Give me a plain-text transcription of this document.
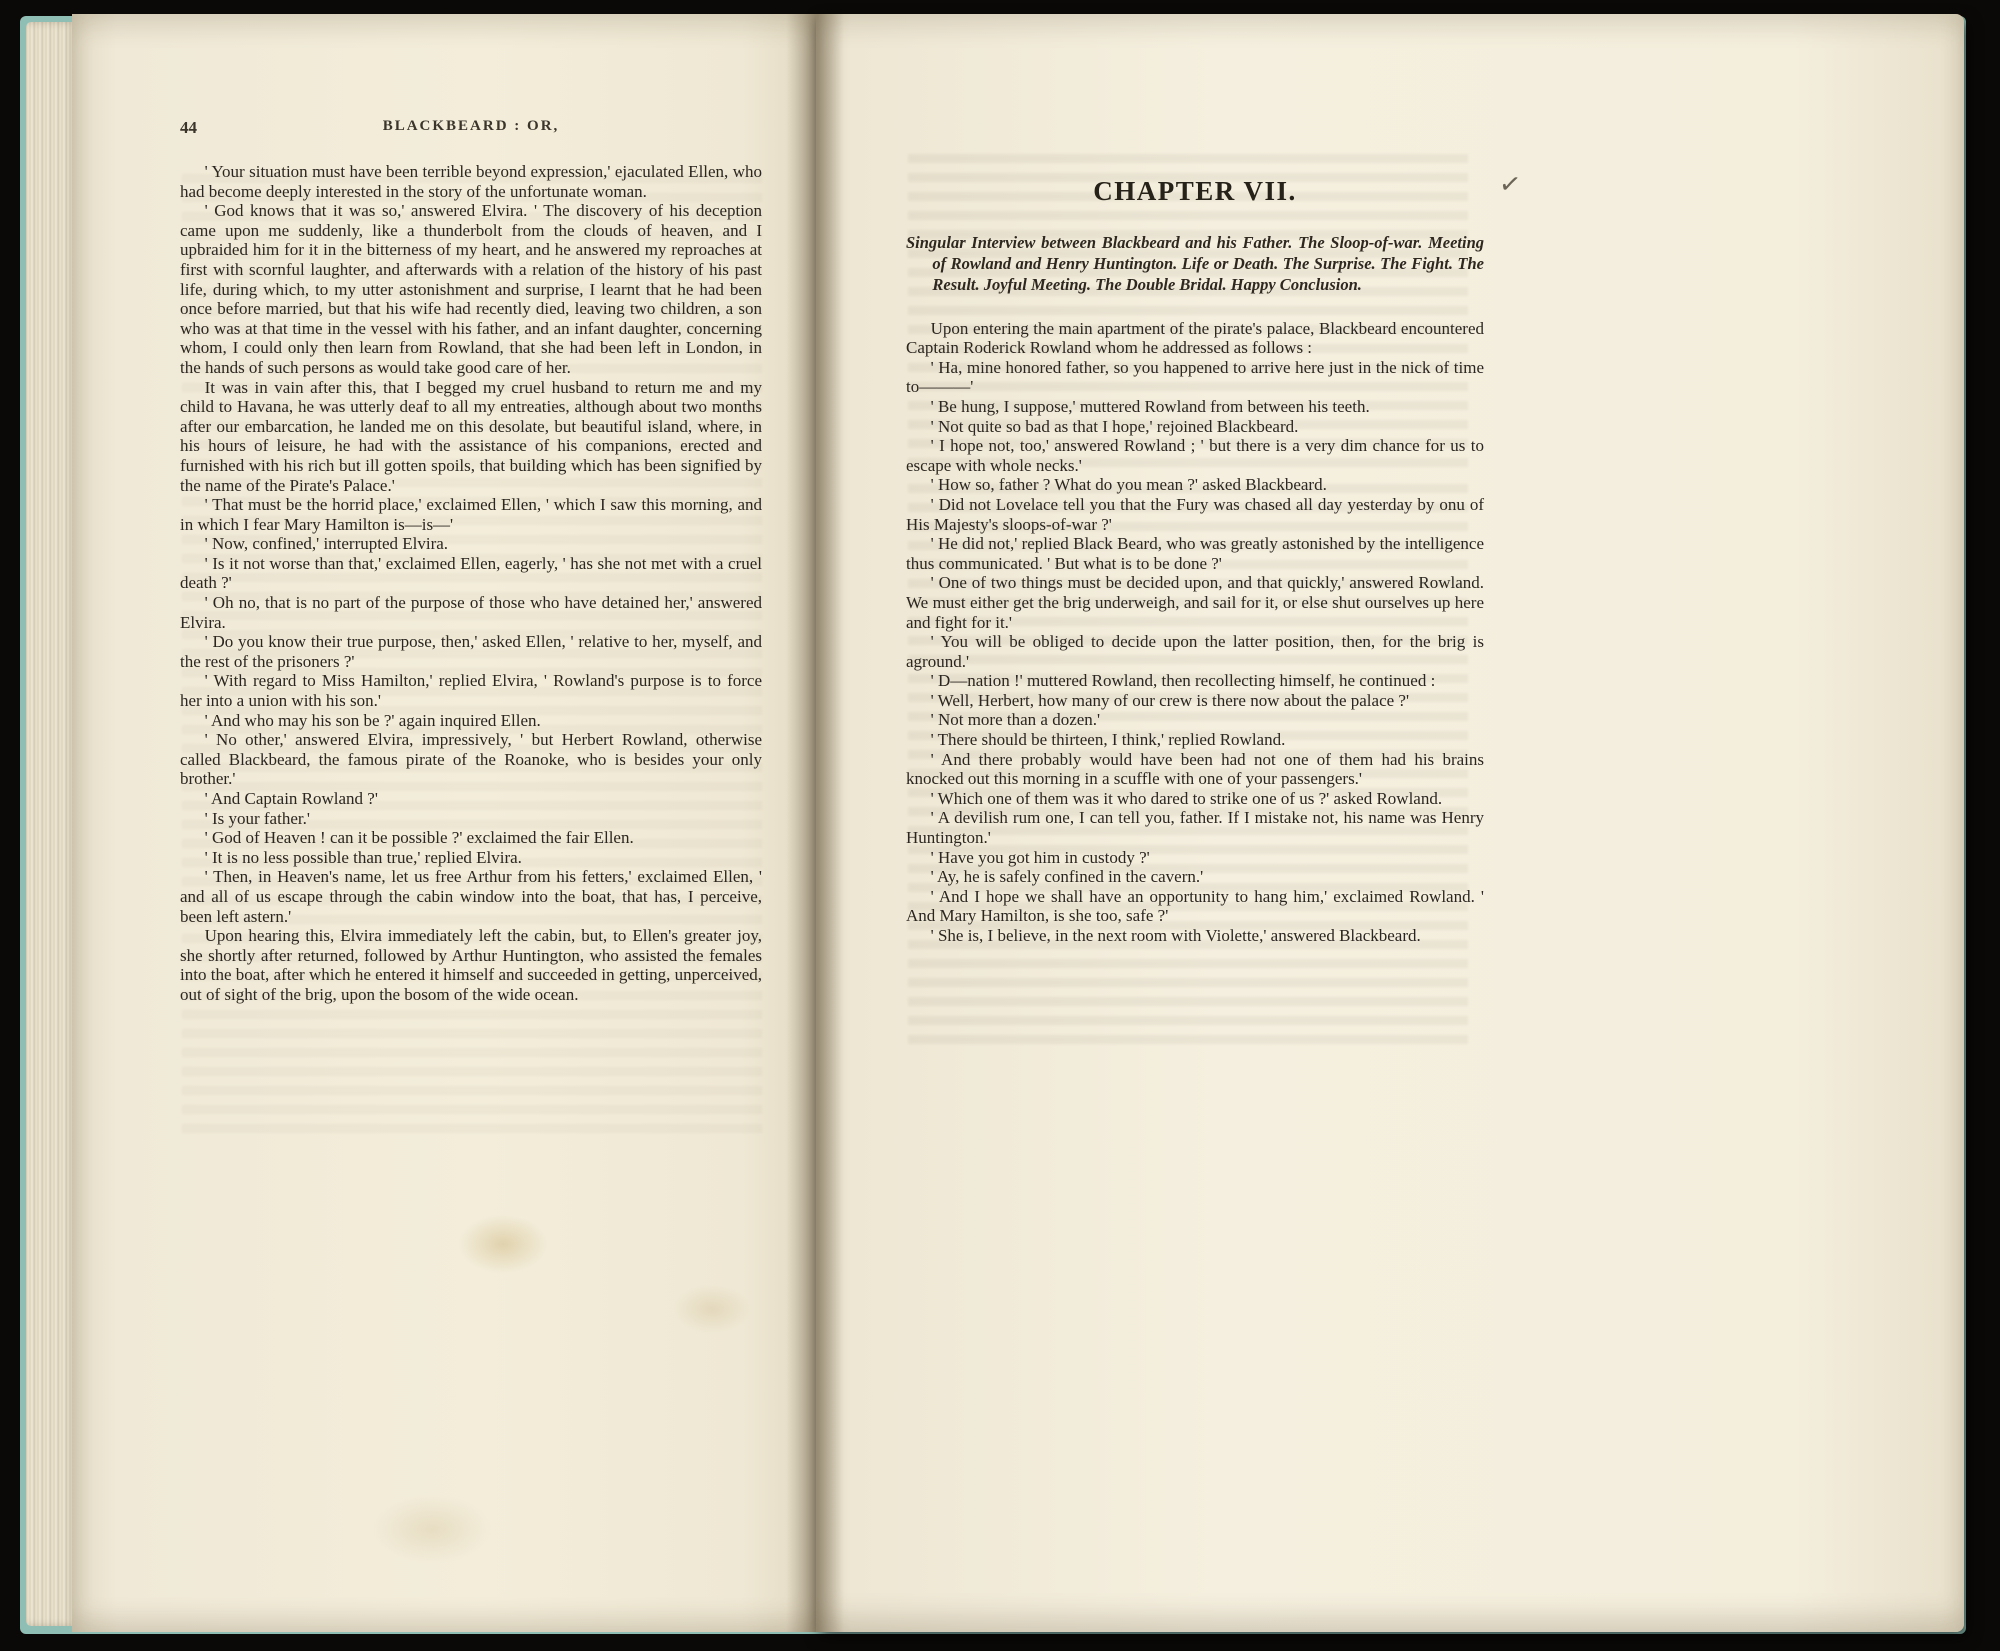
44	BLACKBEARD : OR,

' Your situation must have been terrible beyond expression,' ejaculated Ellen, who had become deeply interested in the story of the unfortunate woman.

' God knows that it was so,' answered Elvira. ' The discovery of his deception came upon me suddenly, like a thunderbolt from the clouds of heaven, and I upbraided him for it in the bitterness of my heart, and he answered my reproaches at first with scornful laughter, and afterwards with a relation of the history of his past life, during which, to my utter astonishment and surprise, I learnt that he had been once before married, but that his wife had recently died, leaving two children, a son who was at that time in the vessel with his father, and an infant daughter, concerning whom, I could only then learn from Rowland, that she had been left in London, in the hands of such persons as would take good care of her.

It was in vain after this, that I begged my cruel husband to return me and my child to Havana, he was utterly deaf to all my entreaties, although about two months after our embarcation, he landed me on this desolate, but beautiful island, where, in his hours of leisure, he had with the assistance of his companions, erected and furnished with his rich but ill gotten spoils, that building which has been signified by the name of the Pirate's Palace.'

' That must be the horrid place,' exclaimed Ellen, ' which I saw this morning, and in which I fear Mary Hamilton is—is—'

' Now, confined,' interrupted Elvira.

' Is it not worse than that,' exclaimed Ellen, eagerly, ' has she not met with a cruel death ?'

' Oh no, that is no part of the purpose of those who have detained her,' answered Elvira.

' Do you know their true purpose, then,' asked Ellen, ' relative to her, myself, and the rest of the prisoners ?'

' With regard to Miss Hamilton,' replied Elvira, ' Rowland's purpose is to force her into a union with his son.'

' And who may his son be ?' again inquired Ellen.

' No other,' answered Elvira, impressively, ' but Herbert Rowland, otherwise called Blackbeard, the famous pirate of the Roanoke, who is besides your only brother.'

' And Captain Rowland ?'

' Is your father.'

' God of Heaven ! can it be possible ?' exclaimed the fair Ellen.

' It is no less possible than true,' replied Elvira.

' Then, in Heaven's name, let us free Arthur from his fetters,' exclaimed Ellen, ' and all of us escape through the cabin window into the boat, that has, I perceive, been left astern.'

Upon hearing this, Elvira immediately left the cabin, but, to Ellen's greater joy, she shortly after returned, followed by Arthur Huntington, who assisted the females into the boat, after which he entered it himself and succeeded in getting, unperceived, out of sight of the brig, upon the bosom of the wide ocean.

CHAPTER VII.	✓

Singular Interview between Blackbeard and his Father. The Sloop-of-war. Meeting of Rowland and Henry Huntington. Life or Death. The Surprise. The Fight. The Result. Joyful Meeting. The Double Bridal. Happy Conclusion.

Upon entering the main apartment of the pirate's palace, Blackbeard encountered Captain Roderick Rowland whom he addressed as follows :

' Ha, mine honored father, so you happened to arrive here just in the nick of time to———'

' Be hung, I suppose,' muttered Rowland from between his teeth.

' Not quite so bad as that I hope,' rejoined Blackbeard.

' I hope not, too,' answered Rowland ; ' but there is a very dim chance for us to escape with whole necks.'

' How so, father ? What do you mean ?' asked Blackbeard.

' Did not Lovelace tell you that the Fury was chased all day yesterday by onu of His Majesty's sloops-of-war ?'

' He did not,' replied Black Beard, who was greatly astonished by the intelligence thus communicated. ' But what is to be done ?'

' One of two things must be decided upon, and that quickly,' answered Rowland. We must either get the brig underweigh, and sail for it, or else shut ourselves up here and fight for it.'

' You will be obliged to decide upon the latter position, then, for the brig is aground.'

' D—nation !' muttered Rowland, then recollecting himself, he continued :

' Well, Herbert, how many of our crew is there now about the palace ?'

' Not more than a dozen.'

' There should be thirteen, I think,' replied Rowland.

' And there probably would have been had not one of them had his brains knocked out this morning in a scuffle with one of your passengers.'

' Which one of them was it who dared to strike one of us ?' asked Rowland.

' A devilish rum one, I can tell you, father. If I mistake not, his name was Henry Huntington.'

' Have you got him in custody ?'

' Ay, he is safely confined in the cavern.'

' And I hope we shall have an opportunity to hang him,' exclaimed Rowland. ' And Mary Hamilton, is she too, safe ?'

' She is, I believe, in the next room with Violette,' answered Blackbeard.
